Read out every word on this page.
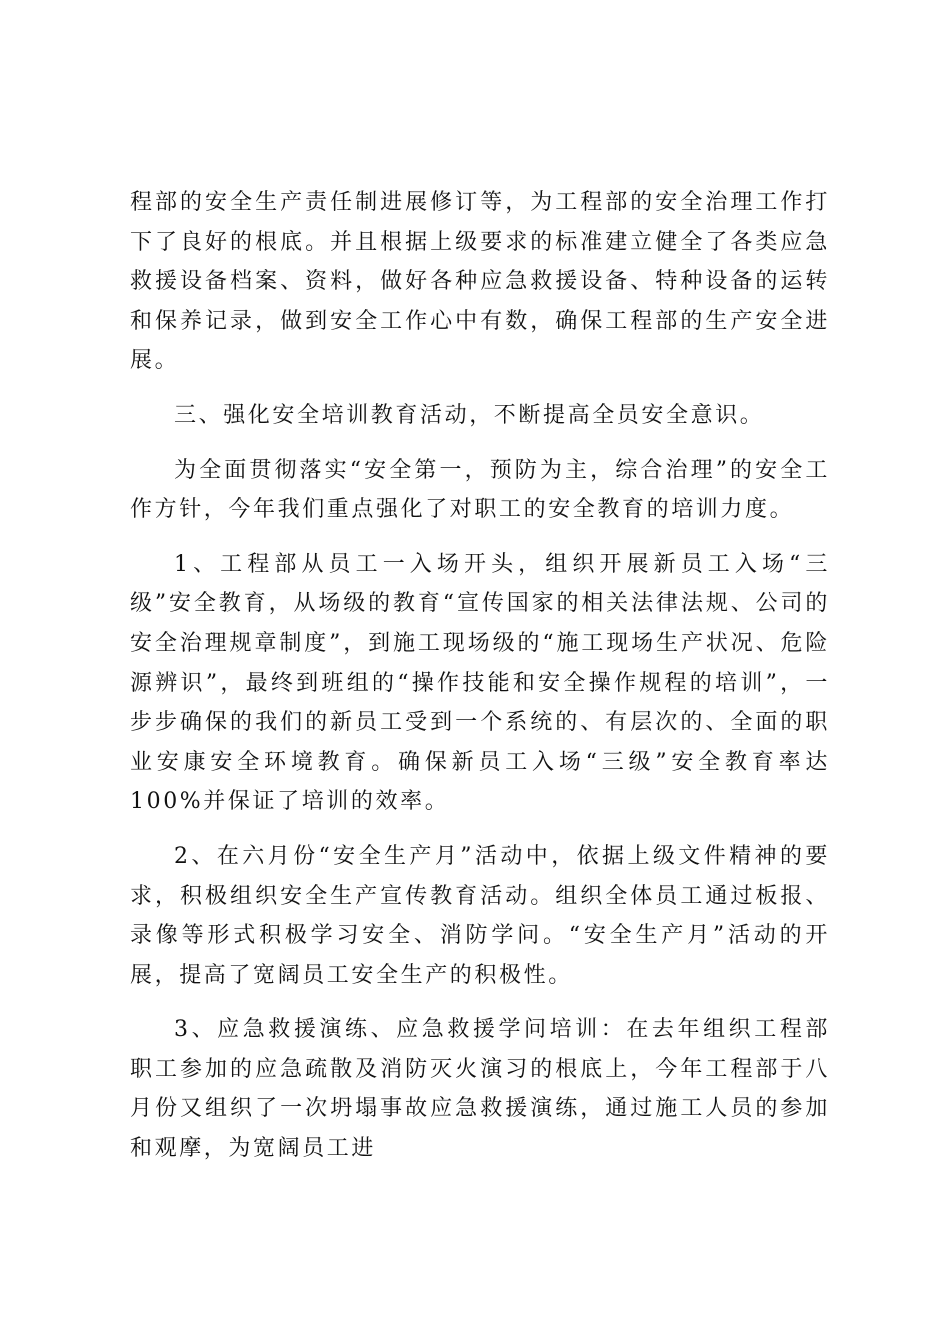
程部的安全生产责任制进展修订等，为工程部的安全治理工作打下了良好的根底。并且根据上级要求的标准建立健全了各类应急救援设备档案、资料，做好各种应急救援设备、特种设备的运转和保养记录，做到安全工作心中有数，确保工程部的生产安全进展。

三、强化安全培训教育活动，不断提高全员安全意识。

为全面贯彻落实“安全第一，预防为主，综合治理”的安全工作方针，今年我们重点强化了对职工的安全教育的培训力度。

1、工程部从员工一入场开头，组织开展新员工入场“三级”安全教育，从场级的教育“宣传国家的相关法律法规、公司的安全治理规章制度”，到施工现场级的“施工现场生产状况、危险源辨识”，最终到班组的“操作技能和安全操作规程的培训”，一步步确保的我们的新员工受到一个系统的、有层次的、全面的职业安康安全环境教育。确保新员工入场“三级”安全教育率达100%并保证了培训的效率。

2、在六月份“安全生产月”活动中，依据上级文件精神的要求，积极组织安全生产宣传教育活动。组织全体员工通过板报、录像等形式积极学习安全、消防学问。“安全生产月”活动的开展，提高了宽阔员工安全生产的积极性。

3、应急救援演练、应急救援学问培训：在去年组织工程部职工参加的应急疏散及消防灭火演习的根底上，今年工程部于八月份又组织了一次坍塌事故应急救援演练，通过施工人员的参加和观摩，为宽阔员工进
